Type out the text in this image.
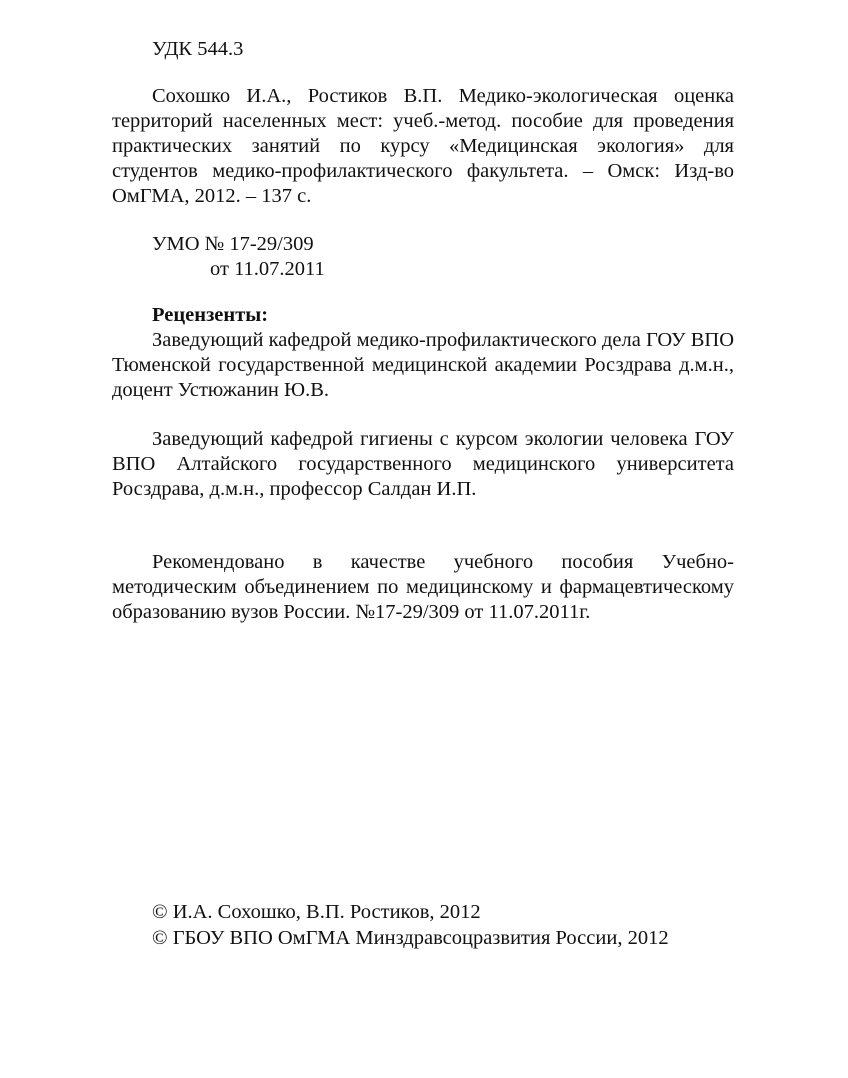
УДК 544.3
Сохошко И.А., Ростиков В.П. Медико-экологическая оценка территорий населенных мест: учеб.-метод. пособие для проведения практических занятий по курсу «Медицинская экология» для студентов медико-профилактического факультета. – Омск: Изд-во ОмГМА, 2012. – 137 с.
УМО № 17-29/309
от 11.07.2011
Рецензенты:
Заведующий кафедрой медико-профилактического дела ГОУ ВПО Тюменской государственной медицинской академии Росздрава д.м.н., доцент Устюжанин Ю.В.
Заведующий кафедрой гигиены с курсом экологии человека ГОУ ВПО Алтайского государственного медицинского университета Росздрава, д.м.н., профессор Салдан И.П.
Рекомендовано в качестве учебного пособия Учебно-методическим объединением по медицинскому и фармацевтическому образованию вузов России. №17-29/309 от 11.07.2011г.
© И.А. Сохошко, В.П. Ростиков, 2012
© ГБОУ ВПО ОмГМА Минздравсоцразвития России, 2012
